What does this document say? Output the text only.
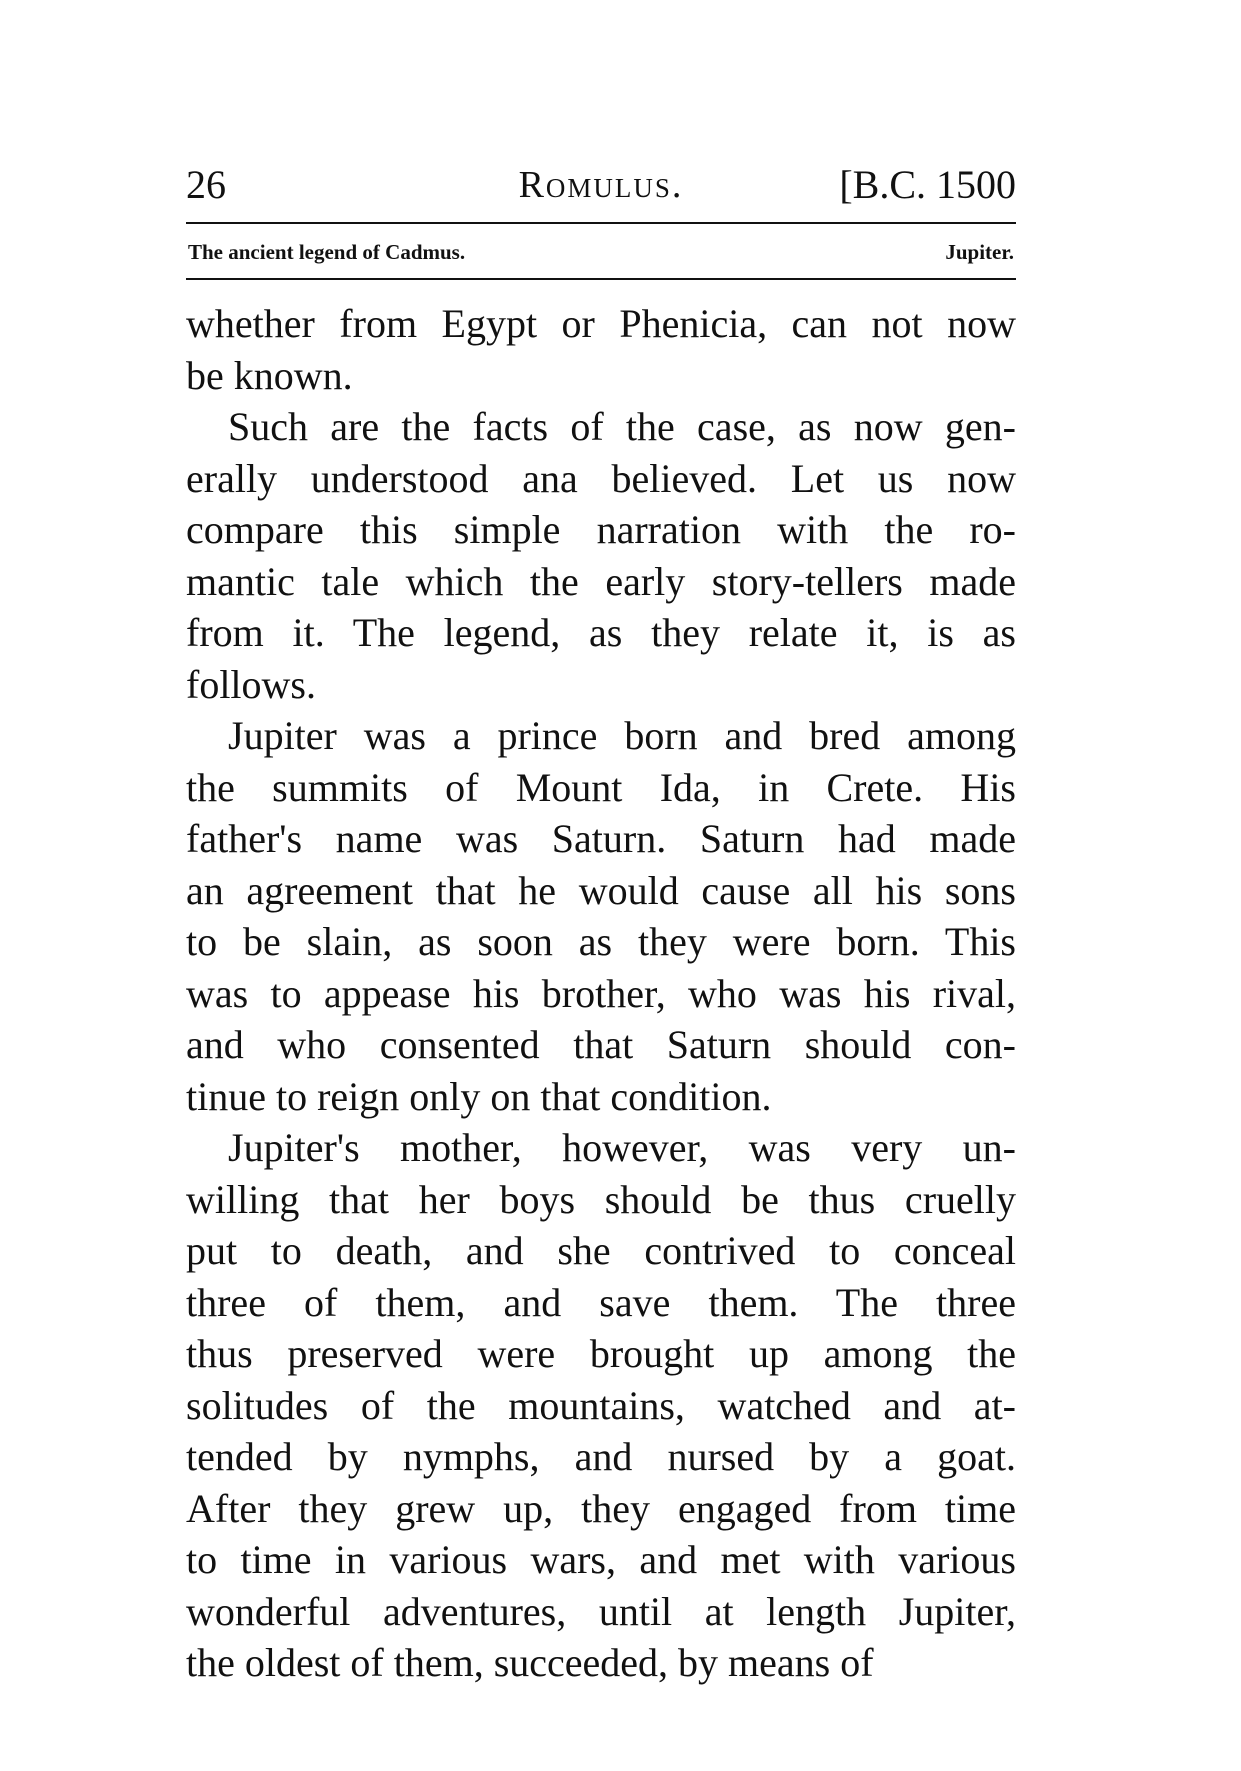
26	Romulus.	[B.C. 1500
The ancient legend of Cadmus.	Jupiter.

whether from Egypt or Phenicia, can not now
be known.

Such are the facts of the case, as now gen-
erally understood ana believed. Let us now
compare this simple narration with the ro-
mantic tale which the early story-tellers made
from it. The legend, as they relate it, is as
follows.

Jupiter was a prince born and bred among
the summits of Mount Ida, in Crete. His
father's name was Saturn. Saturn had made
an agreement that he would cause all his sons
to be slain, as soon as they were born. This
was to appease his brother, who was his rival,
and who consented that Saturn should con-
tinue to reign only on that condition.

Jupiter's mother, however, was very un-
willing that her boys should be thus cruelly
put to death, and she contrived to conceal
three of them, and save them. The three
thus preserved were brought up among the
solitudes of the mountains, watched and at-
tended by nymphs, and nursed by a goat.
After they grew up, they engaged from time
to time in various wars, and met with various
wonderful adventures, until at length Jupiter,
the oldest of them, succeeded, by means of
